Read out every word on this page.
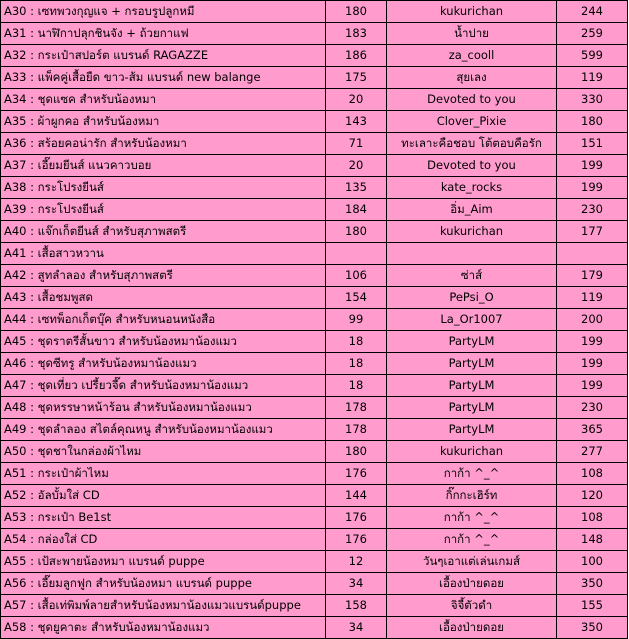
A30 : เซทพวงกุญแจ + กรอบรูปลูกหมี	180	kukurichan	244
A31 : นาฬิกาปลุกชินจัง + ถ้วยกาแฟ	183	น้ำปาย	259
A32 : กระเป๋าสปอร์ต แบรนด์ RAGAZZE	186	za_cooll	599
A33 : แพ็คคู่เสื้อยืด ขาว-ส้ม แบรนด์ new balange	175	สุยเลง	119
A34 : ชุดแซค สำหรับน้องหมา	20	Devoted to you	330
A35 : ผ้าผูกคอ สำหรับน้องหมา	143	Clover_Pixie	180
A36 : สร้อยคอน่ารัก สำหรับน้องหมา	71	ทะเลาะคือชอบ โต้ตอบคือรัก	151
A37 : เอี๊ยมยีนส์ แนวคาวบอย	20	Devoted to you	199
A38 : กระโปรงยีนส์	135	kate_rocks	199
A39 : กระโปรงยีนส์	184	อิ่ม_Aim	230
A40 : แจ๊กเก็ตยีนส์ สำหรับสุภาพสตรี	180	kukurichan	177
A41 : เสื้อสาวหวาน			
A42 : สูทลำลอง สำหรับสุภาพสตรี	106	ซ่าส์	179
A43 : เสื้อชมพูสด	154	PePsi_O	119
A44 : เซทพ็อกเก็ตบุ๊ค สำหรับหนอนหนังสือ	99	La_Or1007	200
A45 : ชุดราตรีสั้นขาว สำหรับน้องหมาน้องแมว	18	PartyLM	199
A46 : ชุดซีทรู สำหรับน้องหมาน้องแมว	18	PartyLM	199
A47 : ชุดเที่ยว เปรี้ยวจี๊ด สำหรับน้องหมาน้องแมว	18	PartyLM	199
A48 : ชุดหรรษาหน้าร้อน สำหรับน้องหมาน้องแมว	178	PartyLM	230
A49 : ชุดลำลอง สไตล์คุณหนู สำหรับน้องหมาน้องแมว	178	PartyLM	365
A50 : ชุดชาในกล่องผ้าไหม	180	kukurichan	277
A51 : กระเป๋าผ้าไหม	176	กาก้า ^_^	108
A52 : อัลบั้มใส่ CD	144	กิ๊กกะเฮิร์ท	120
A53 : กระเป๋า Be1st	176	กาก้า ^_^	108
A54 : กล่องใส่ CD	176	กาก้า ^_^	148
A55 : เป้สะพายน้องหมา แบรนด์ puppe	12	วันๆเอาแต่เล่นเกมส์	100
A56 : เอี๊ยมลูกฟูก สำหรับน้องหมา แบรนด์ puppe	34	เอื้องป่ายดอย	350
A57 : เสื้อเท่พิมพ์ลายสำหรับน้องหมาน้องแมวแบรนด์puppe	158	จิจี้ตัวดำ	155
A58 : ชุดยูคาตะ สำหรับน้องหมาน้องแมว	34	เอื้องป่ายดอย	350
